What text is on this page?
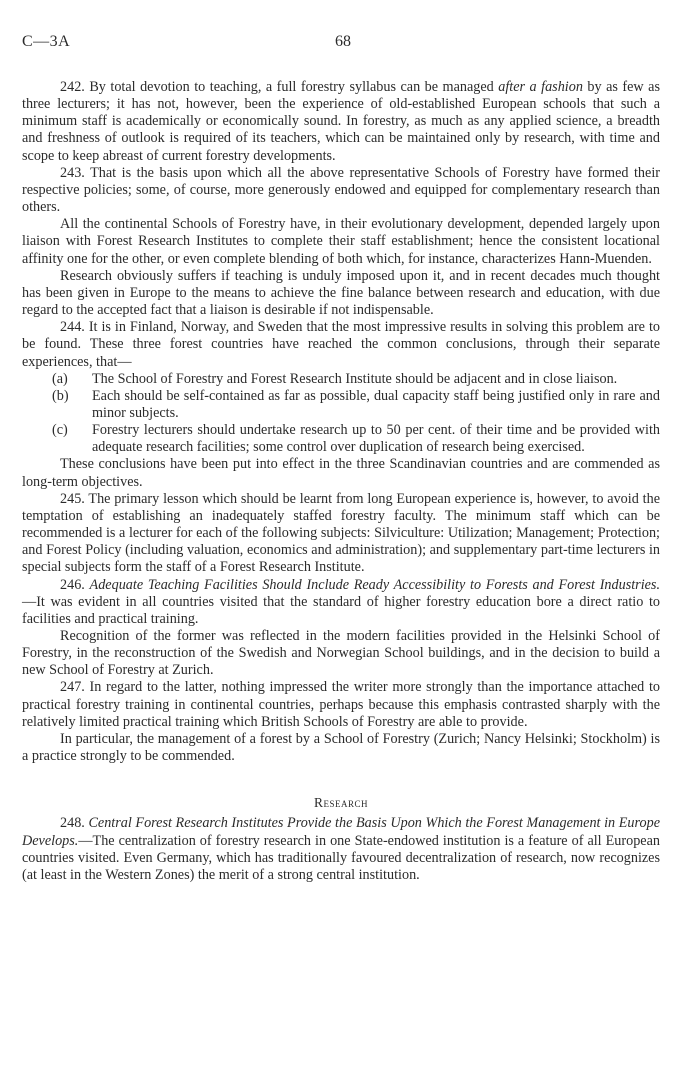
C—3A	68

242. By total devotion to teaching, a full forestry syllabus can be managed after a fashion by as few as three lecturers; it has not, however, been the experience of old-established European schools that such a minimum staff is academically or economically sound. In forestry, as much as any applied science, a breadth and freshness of outlook is required of its teachers, which can be maintained only by research, with time and scope to keep abreast of current forestry developments.

243. That is the basis upon which all the above representative Schools of Forestry have formed their respective policies; some, of course, more generously endowed and equipped for complementary research than others.

All the continental Schools of Forestry have, in their evolutionary development, depended largely upon liaison with Forest Research Institutes to complete their staff establishment; hence the consistent locational affinity one for the other, or even complete blending of both which, for instance, characterizes Hann-Muenden.

Research obviously suffers if teaching is unduly imposed upon it, and in recent decades much thought has been given in Europe to the means to achieve the fine balance between research and education, with due regard to the accepted fact that a liaison is desirable if not indispensable.

244. It is in Finland, Norway, and Sweden that the most impressive results in solving this problem are to be found. These three forest countries have reached the common conclusions, through their separate experiences, that—

(a) The School of Forestry and Forest Research Institute should be adjacent and in close liaison.

(b) Each should be self-contained as far as possible, dual capacity staff being justified only in rare and minor subjects.

(c) Forestry lecturers should undertake research up to 50 per cent. of their time and be provided with adequate research facilities; some control over duplication of research being exercised.

These conclusions have been put into effect in the three Scandinavian countries and are commended as long-term objectives.

245. The primary lesson which should be learnt from long European experience is, however, to avoid the temptation of establishing an inadequately staffed forestry faculty. The minimum staff which can be recommended is a lecturer for each of the following subjects: Silviculture: Utilization; Management; Protection; and Forest Policy (including valuation, economics and administration); and supplementary part-time lecturers in special subjects form the staff of a Forest Research Institute.

246. Adequate Teaching Facilities Should Include Ready Accessibility to Forests and Forest Industries.—It was evident in all countries visited that the standard of higher forestry education bore a direct ratio to facilities and practical training.

Recognition of the former was reflected in the modern facilities provided in the Helsinki School of Forestry, in the reconstruction of the Swedish and Norwegian School buildings, and in the decision to build a new School of Forestry at Zurich.

247. In regard to the latter, nothing impressed the writer more strongly than the importance attached to practical forestry training in continental countries, perhaps because this emphasis contrasted sharply with the relatively limited practical training which British Schools of Forestry are able to provide.

In particular, the management of a forest by a School of Forestry (Zurich; Nancy Helsinki; Stockholm) is a practice strongly to be commended.

Research

248. Central Forest Research Institutes Provide the Basis Upon Which the Forest Management in Europe Develops.—The centralization of forestry research in one State-endowed institution is a feature of all European countries visited. Even Germany, which has traditionally favoured decentralization of research, now recognizes (at least in the Western Zones) the merit of a strong central institution.
